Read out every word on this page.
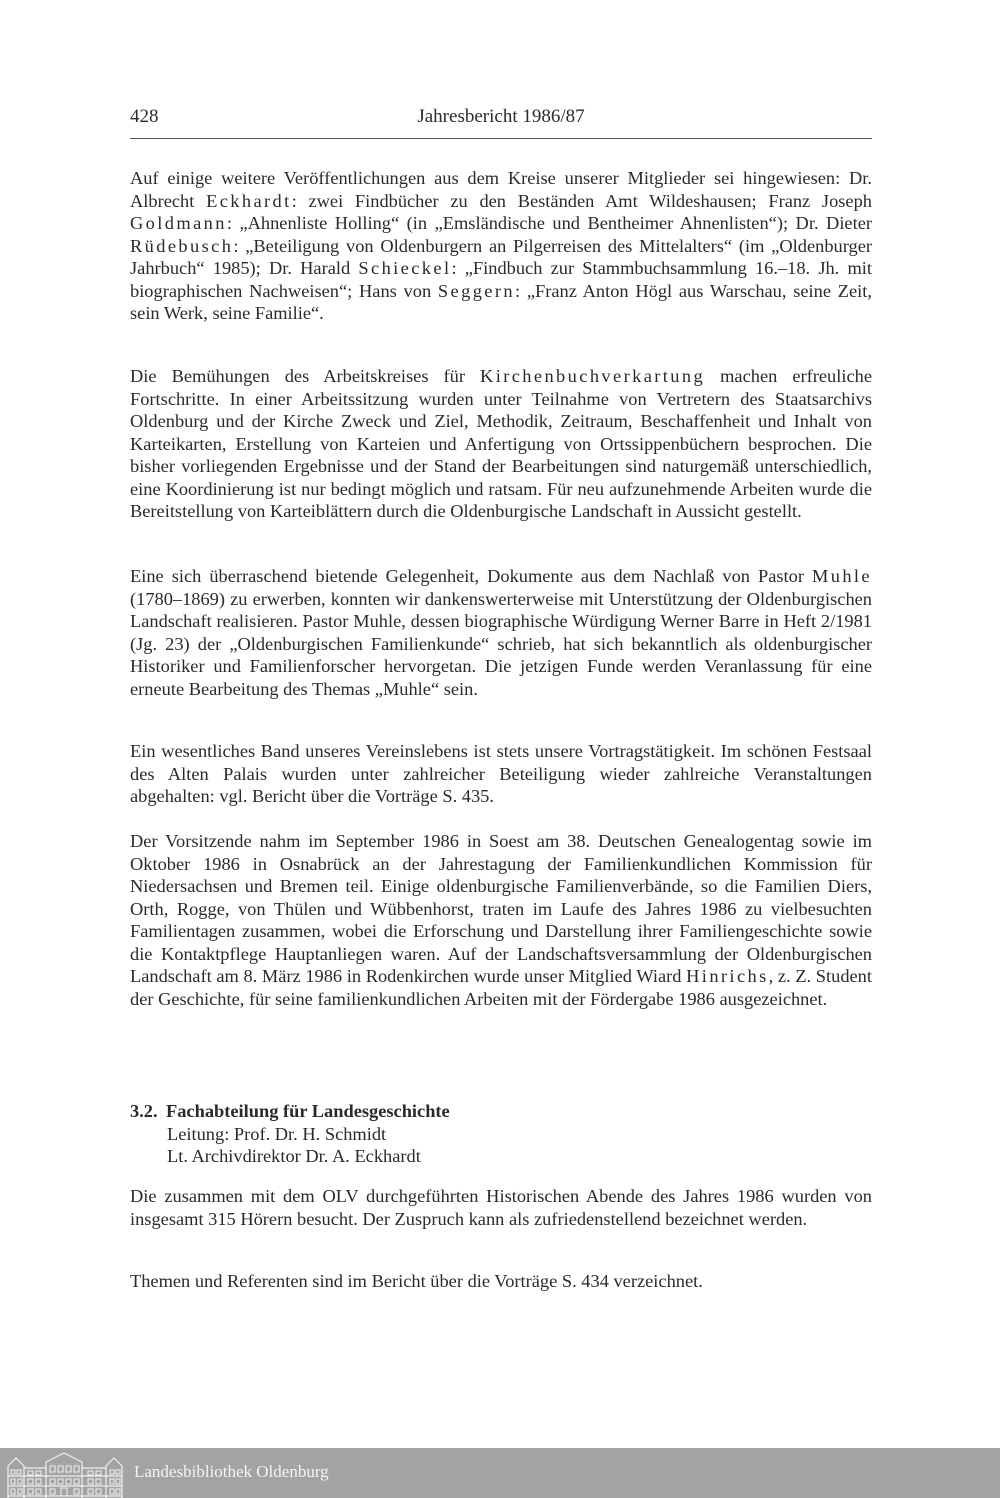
428	Jahresbericht 1986/87

Auf einige weitere Veröffentlichungen aus dem Kreise unserer Mitglieder sei hingewiesen: Dr. Albrecht Eckhardt: zwei Findbücher zu den Beständen Amt Wildeshausen; Franz Joseph Goldmann: „Ahnenliste Holling“ (in „Emsländische und Bentheimer Ahnenlisten“); Dr. Dieter Rüdebusch: „Beteiligung von Oldenburgern an Pilgerreisen des Mittelalters“ (im „Oldenburger Jahrbuch“ 1985); Dr. Harald Schieckel: „Findbuch zur Stammbuchsammlung 16.–18. Jh. mit biographischen Nachweisen“; Hans von Seggern: „Franz Anton Högl aus Warschau, seine Zeit, sein Werk, seine Familie“.

Die Bemühungen des Arbeitskreises für Kirchenbuchverkartung machen erfreuliche Fortschritte. In einer Arbeitssitzung wurden unter Teilnahme von Vertretern des Staatsarchivs Oldenburg und der Kirche Zweck und Ziel, Methodik, Zeitraum, Beschaffenheit und Inhalt von Karteikarten, Erstellung von Karteien und Anfertigung von Ortssippenbüchern besprochen. Die bisher vorliegenden Ergebnisse und der Stand der Bearbeitungen sind naturgemäß unterschiedlich, eine Koordinierung ist nur bedingt möglich und ratsam. Für neu aufzunehmende Arbeiten wurde die Bereitstellung von Karteiblättern durch die Oldenburgische Landschaft in Aussicht gestellt.

Eine sich überraschend bietende Gelegenheit, Dokumente aus dem Nachlaß von Pastor Muhle (1780–1869) zu erwerben, konnten wir dankenswerterweise mit Unterstützung der Oldenburgischen Landschaft realisieren. Pastor Muhle, dessen biographische Würdigung Werner Barre in Heft 2/1981 (Jg. 23) der „Oldenburgischen Familienkunde“ schrieb, hat sich bekanntlich als oldenburgischer Historiker und Familienforscher hervorgetan. Die jetzigen Funde werden Veranlassung für eine erneute Bearbeitung des Themas „Muhle“ sein.

Ein wesentliches Band unseres Vereinslebens ist stets unsere Vortragstätigkeit. Im schönen Festsaal des Alten Palais wurden unter zahlreicher Beteiligung wieder zahlreiche Veranstaltungen abgehalten: vgl. Bericht über die Vorträge S. 435.

Der Vorsitzende nahm im September 1986 in Soest am 38. Deutschen Genealogentag sowie im Oktober 1986 in Osnabrück an der Jahrestagung der Familienkundlichen Kommission für Niedersachsen und Bremen teil. Einige oldenburgische Familienverbände, so die Familien Diers, Orth, Rogge, von Thülen und Wübbenhorst, traten im Laufe des Jahres 1986 zu vielbesuchten Familientagen zusammen, wobei die Erforschung und Darstellung ihrer Familiengeschichte sowie die Kontaktpflege Hauptanliegen waren. Auf der Landschaftsversammlung der Oldenburgischen Landschaft am 8. März 1986 in Rodenkirchen wurde unser Mitglied Wiard Hinrichs, z. Z. Student der Geschichte, für seine familienkundlichen Arbeiten mit der Fördergabe 1986 ausgezeichnet.

3.2. Fachabteilung für Landesgeschichte
Leitung: Prof. Dr. H. Schmidt
Lt. Archivdirektor Dr. A. Eckhardt

Die zusammen mit dem OLV durchgeführten Historischen Abende des Jahres 1986 wurden von insgesamt 315 Hörern besucht. Der Zuspruch kann als zufriedenstellend bezeichnet werden.

Themen und Referenten sind im Bericht über die Vorträge S. 434 verzeichnet.

Landesbibliothek Oldenburg
